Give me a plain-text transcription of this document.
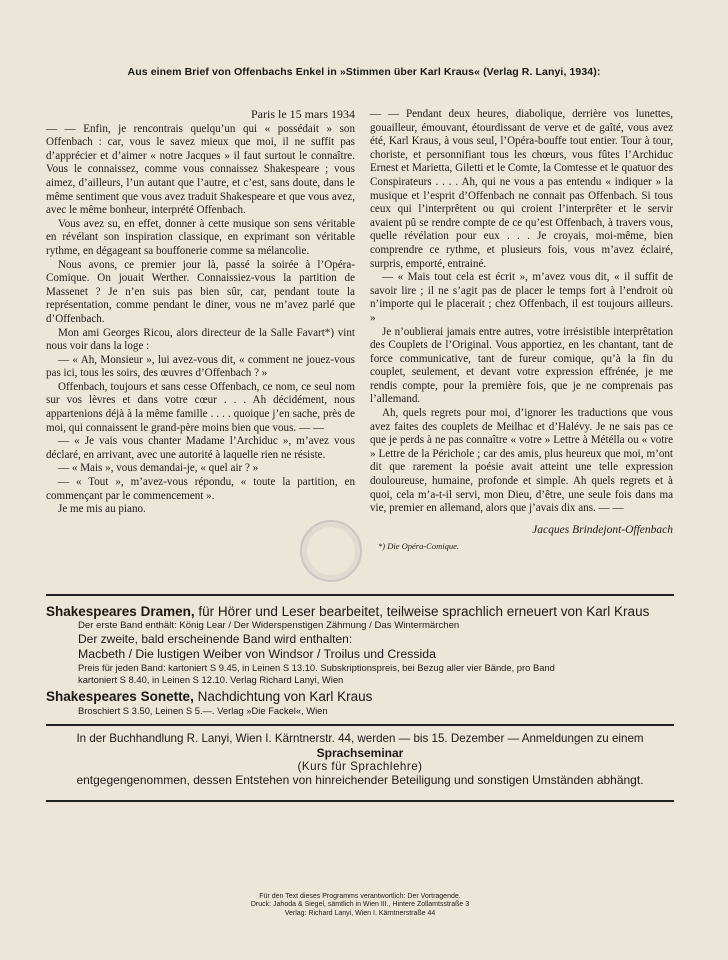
Aus einem Brief von Offenbachs Enkel in »Stimmen über Karl Kraus« (Verlag R. Lanyi, 1934):
Paris le 15 mars 1934

— — Enfin, je rencontrais quelqu’un qui « possédait » son Offenbach : car, vous le savez mieux que moi, il ne suffit pas d’apprécier et d’aimer « notre Jacques » il faut surtout le connaître. Vous le connaissez, comme vous connaissez Shakespeare ; vous aimez, d’ailleurs, l’un autant que l’autre, et c’est, sans doute, dans le même sentiment que vous avez traduit Shakespeare et que vous avez, avec le même bonheur, interprété Offenbach.

Vous avez su, en effet, donner à cette musique son sens véritable en révélant son inspiration classique, en exprimant son véritable rythme, en dégageant sa bouffonerie comme sa mélancolie.

Nous avons, ce premier jour là, passé la soirée à l’Opéra-Comique. On jouait Werther. Connaissiez-vous la partition de Massenet ? Je n’en suis pas bien sûr, car, pendant toute la représentation, comme pendant le diner, vous ne m’avez parlé que d’Offenbach.

Mon ami Georges Ricou, alors directeur de la Salle Favart*) vint nous voir dans la loge :

— « Ah, Monsieur », lui avez-vous dit, « comment ne jouez-vous pas ici, tous les soirs, des œuvres d’Offenbach ? »

Offenbach, toujours et sans cesse Offenbach, ce nom, ce seul nom sur vos lèvres et dans votre cœur . . . Ah décidément, nous appartenions déjà à la même famille . . . . quoique j’en sache, près de moi, qui connaissent le grand-père moins bien que vous. — —

— « Je vais vous chanter Madame l’Archiduc », m’avez vous déclaré, en arrivant, avec une autorité à laquelle rien ne résiste.

— « Mais », vous demandai-je, « quel air ? »

— « Tout », m’avez-vous répondu, « toute la partition, en commençant par le commencement ».

Je me mis au piano.

— — Pendant deux heures, diabolique, derrière vos lunettes, gouailleur, émouvant, étourdissant de verve et de gaîté, vous avez été, Karl Kraus, à vous seul, l’Opéra-bouffe tout entier. Tour à tour, choriste, et personnifiant tous les chœurs, vous fûtes l’Archiduc Ernest et Marietta, Giletti et le Comte, la Comtesse et le quatuor des Conspirateurs . . . . Ah, qui ne vous a pas entendu « indiquer » la musique et l’esprit d’Offenbach ne connait pas Offenbach. Si tous ceux qui l’interprêtent ou qui croient l’interprêter et le servir avaient pû se rendre compte de ce qu’est Offenbach, à travers vous, quelle révélation pour eux . . . Je croyais, moi-même, bien comprendre ce rythme, et plusieurs fois, vous m’avez éclairé, surpris, emporté, entrainé.

— « Mais tout cela est écrit », m’avez vous dit, « il suffit de savoir lire ; il ne s’agit pas de placer le temps fort à l’endroit où n’importe qui le placerait ; chez Offenbach, il est toujours ailleurs. »

Je n’oublierai jamais entre autres, votre irrésistible interprêtation des Couplets de l’Original. Vous apportiez, en les chantant, tant de force communicative, tant de fureur comique, qu’à la fin du couplet, seulement, et devant votre expression effrénée, je me rendis compte, pour la première fois, que je ne comprenais pas l’allemand.

Ah, quels regrets pour moi, d’ignorer les traductions que vous avez faites des couplets de Meilhac et d’Halévy. Je ne sais pas ce que je perds à ne pas connaître « votre » Lettre à Métélla ou « votre » Lettre de la Périchole ; car des amis, plus heureux que moi, m’ont dit que rarement la poésie avait atteint une telle expression douloureuse, humaine, profonde et simple. Ah quels regrets et à quoi, cela m’a-t-il servi, mon Dieu, d’être, une seule fois dans ma vie, premier en allemand, alors que j’avais dix ans. — —

Jacques Brindejont-Offenbach
*) Die Opéra-Comique.
Shakespeares Dramen, für Hörer und Leser bearbeitet, teilweise sprachlich erneuert von Karl Kraus
Der erste Band enthält: König Lear / Der Widerspenstigen Zähmung / Das Wintermärchen
Der zweite, bald erscheinende Band wird enthalten:
Macbeth / Die lustigen Weiber von Windsor / Troilus und Cressida
Preis für jeden Band: kartoniert S 9.45, in Leinen S 13.10. Subskriptionspreis, bei Bezug aller vier Bände, pro Band
kartoniert S 8.40, in Leinen S 12.10. Verlag Richard Lanyi, Wien
Shakespeares Sonette, Nachdichtung von Karl Kraus
Broschiert S 3.50, Leinen S 5.—. Verlag »Die Fackel«, Wien
In der Buchhandlung R. Lanyi, Wien I. Kärntnerstr. 44, werden — bis 15. Dezember — Anmeldungen zu einem
Sprachseminar
(Kurs für Sprachlehre)
entgegengenommen, dessen Entstehen von hinreichender Beteiligung und sonstigen Umständen abhängt.
Für den Text dieses Programms verantwortlich: Der Vortragende.
Druck: Jahoda & Siegel, sämtlich in Wien III., Hintere Zollamtsstraße 3
Verlag: Richard Lanyi, Wien I. Kärntnerstraße 44
